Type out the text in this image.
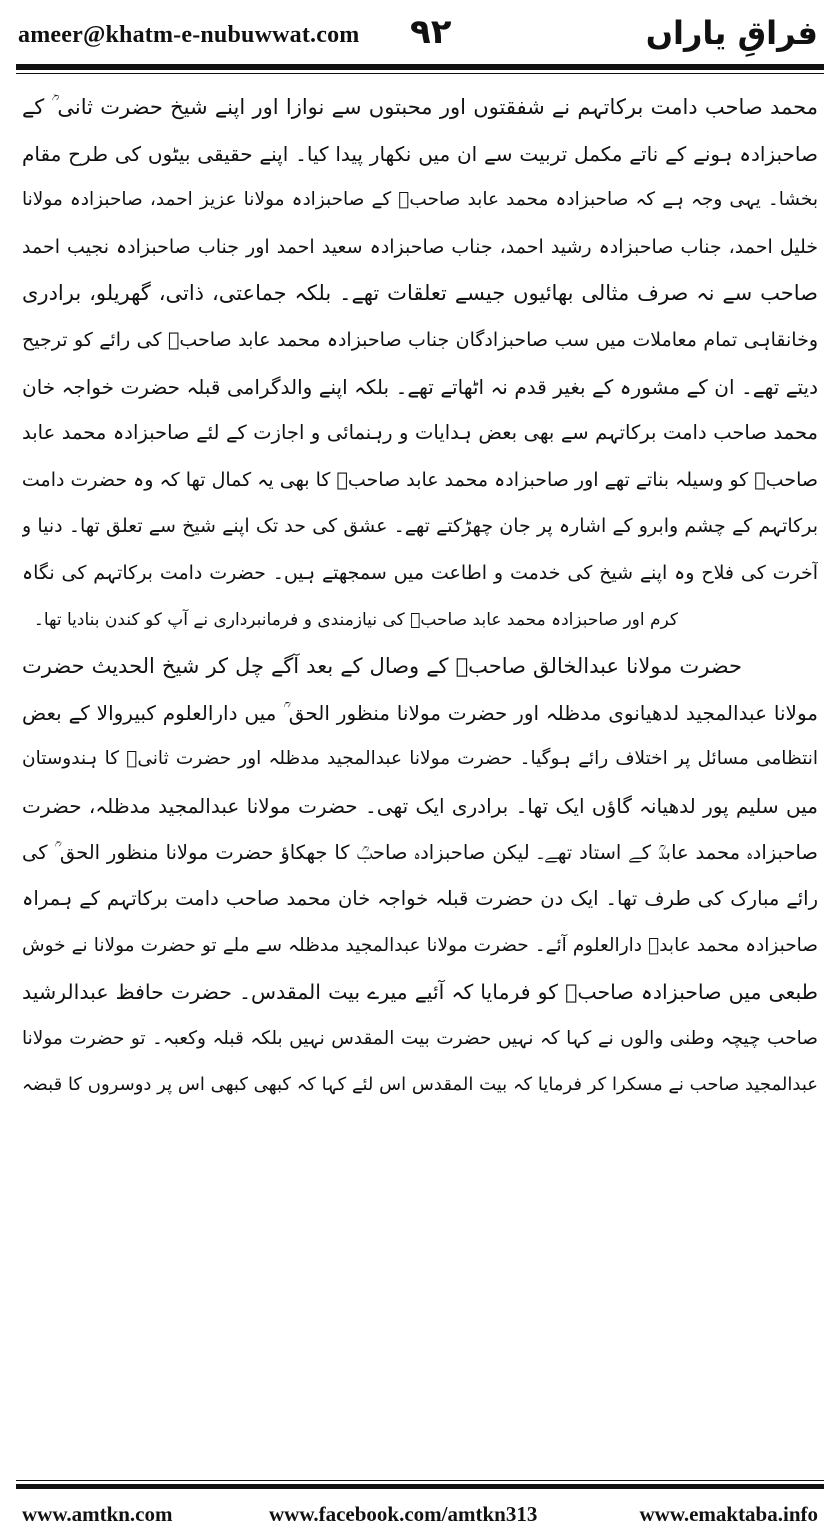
ameer@khatm-e-nubuwwat.com ۹۲	فراقِ یاراں
محمد صاحب دامت برکاتہم نے شفقتوں اور محبتوں سے نوازا اور اپنے شیخ حضرت ثانی ؒ کے
صاحبزادہ ہونے کے ناتے مکمل تربیت سے ان میں نکھار پیدا کیا۔ اپنے حقیقی بیٹوں کی طرح مقام
بخشا۔ یہی وجہ ہے کہ صاحبزادہ محمد عابد صاحبؒ کے صاحبزادہ مولانا عزیز احمد، صاحبزادہ مولانا
خلیل احمد، جناب صاحبزادہ رشید احمد، جناب صاحبزادہ سعید احمد اور جناب صاحبزادہ نجیب احمد
صاحب سے نہ صرف مثالی بھائیوں جیسے تعلقات تھے۔ بلکہ جماعتی، ذاتی، گھریلو، برادری
وخانقاہی تمام معاملات میں سب صاحبزادگان جناب صاحبزادہ محمد عابد صاحبؒ کی رائے کو ترجیح
دیتے تھے۔ ان کے مشورہ کے بغیر قدم نہ اٹھاتے تھے۔ بلکہ اپنے والدگرامی قبلہ حضرت خواجہ خان
محمد صاحب دامت برکاتہم سے بھی بعض ہدایات و رہنمائی و اجازت کے لئے صاحبزادہ محمد عابد
صاحبؒ کو وسیلہ بناتے تھے اور صاحبزادہ محمد عابد صاحبؒ کا بھی یہ کمال تھا کہ وہ حضرت دامت
برکاتہم کے چشم وابرو کے اشارہ پر جان چھڑکتے تھے۔ عشق کی حد تک اپنے شیخ سے تعلق تھا۔ دنیا و
آخرت کی فلاح وہ اپنے شیخ کی خدمت و اطاعت میں سمجھتے ہیں۔ حضرت دامت برکاتہم کی نگاہ
کرم اور صاحبزادہ محمد عابد صاحبؒ کی نیازمندی و فرمانبرداری نے آپ کو کندن بنادیا تھا۔
حضرت مولانا عبدالخالق صاحبؒ کے وصال کے بعد آگے چل کر شیخ الحدیث حضرت
مولانا عبدالمجید لدھیانوی مدظلہ اور حضرت مولانا منظور الحق ؒ میں دارالعلوم کبیروالا کے بعض
انتظامی مسائل پر اختلاف رائے ہوگیا۔ حضرت مولانا عبدالمجید مدظلہ اور حضرت ثانیؒ کا ہندوستان
میں سلیم پور لدھیانہ گاؤں ایک تھا۔ برادری ایک تھی۔ حضرت مولانا عبدالمجید مدظلہ، حضرت
صاحبزادہ محمد عابدؒ کے استاد تھے۔ لیکن صاحبزادہ صاحبؒ کا جھکاؤ حضرت مولانا منظور الحق ؒ کی
رائے مبارک کی طرف تھا۔ ایک دن حضرت قبلہ خواجہ خان محمد صاحب دامت برکاتہم کے ہمراہ
صاحبزادہ محمد عابدؒ دارالعلوم آئے۔ حضرت مولانا عبدالمجید مدظلہ سے ملے تو حضرت مولانا نے خوش
طبعی میں صاحبزادہ صاحبؒ کو فرمایا کہ آئیے میرے بیت المقدس۔ حضرت حافظ عبدالرشید
صاحب چیچہ وطنی والوں نے کہا کہ نہیں حضرت بیت المقدس نہیں بلکہ قبلہ وکعبہ۔ تو حضرت مولانا
عبدالمجید صاحب نے مسکرا کر فرمایا کہ بیت المقدس اس لئے کہا کہ کبھی کبھی اس پر دوسروں کا قبضہ
www.amtkn.com	www.facebook.com/amtkn313	www.emaktaba.info
